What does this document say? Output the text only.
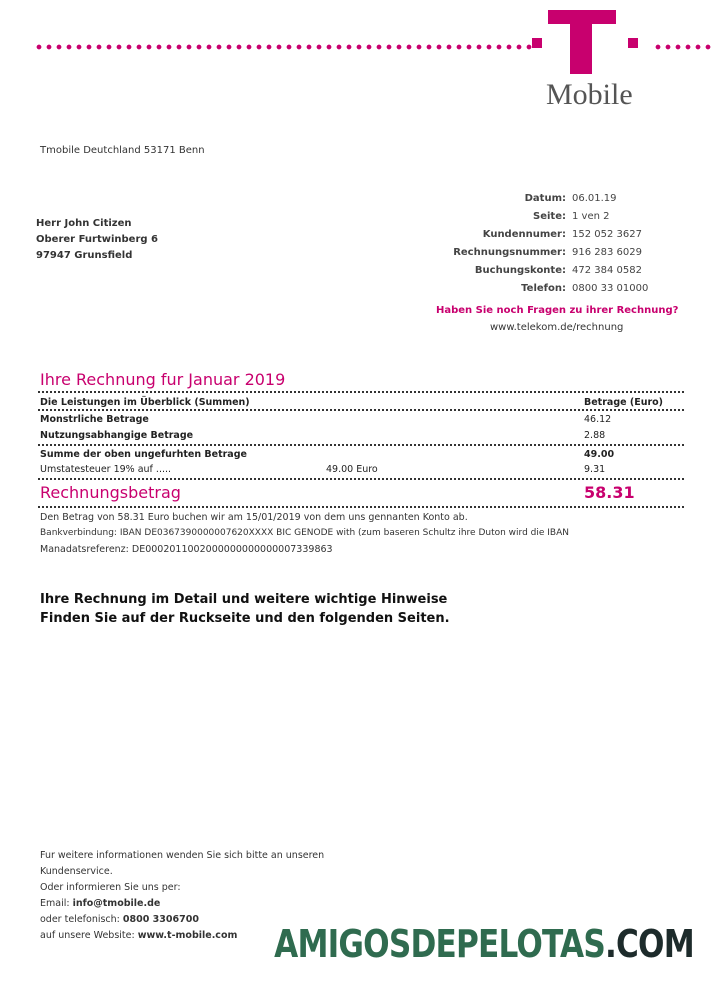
Mobile
Tmobile Deutchland 53171 Benn
Herr John Citizen
Oberer Furtwinberg 6
97947 Grunsfield
Datum: 06.01.19
Seite: 1 ven 2
Kundennumer: 152 052 3627
Rechnungsnummer: 916 283 6029
Buchungskonte: 472 384 0582
Telefon: 0800 33 01000
Haben Sie noch Fragen zu ihrer Rechnung?
www.telekom.de/rechnung
Ihre Rechnung fur Januar 2019
Die Leistungen im Überblick (Summen)	Betrage (Euro)
Monstrliche Betrage	46.12
Nutzungsabhangige Betrage	2.88
Summe der oben ungefurhten Betrage	49.00
Umstatesteuer 19% auf .....	49.00 Euro	9.31
Rechnungsbetrag	58.31
Den Betrag von 58.31 Euro buchen wir am 15/01/2019 von dem uns gennanten Konto ab.
Bankverbindung: IBAN DE0367390000007620XXXX BIC GENODE with (zum baseren Schultz ihre Duton wird die IBAN
Manadatsreferenz: DE0002011002000000000000007339863
Ihre Rechnung im Detail und weitere wichtige Hinweise
Finden Sie auf der Ruckseite und den folgenden Seiten.
Fur weitere informationen wenden Sie sich bitte an unseren
Kundenservice.
Oder informieren Sie uns per:
Email: info@tmobile.de
oder telefonisch: 0800 3306700
auf unsere Website: www.t-mobile.com AMIGOSDEPELOTAS.COM
